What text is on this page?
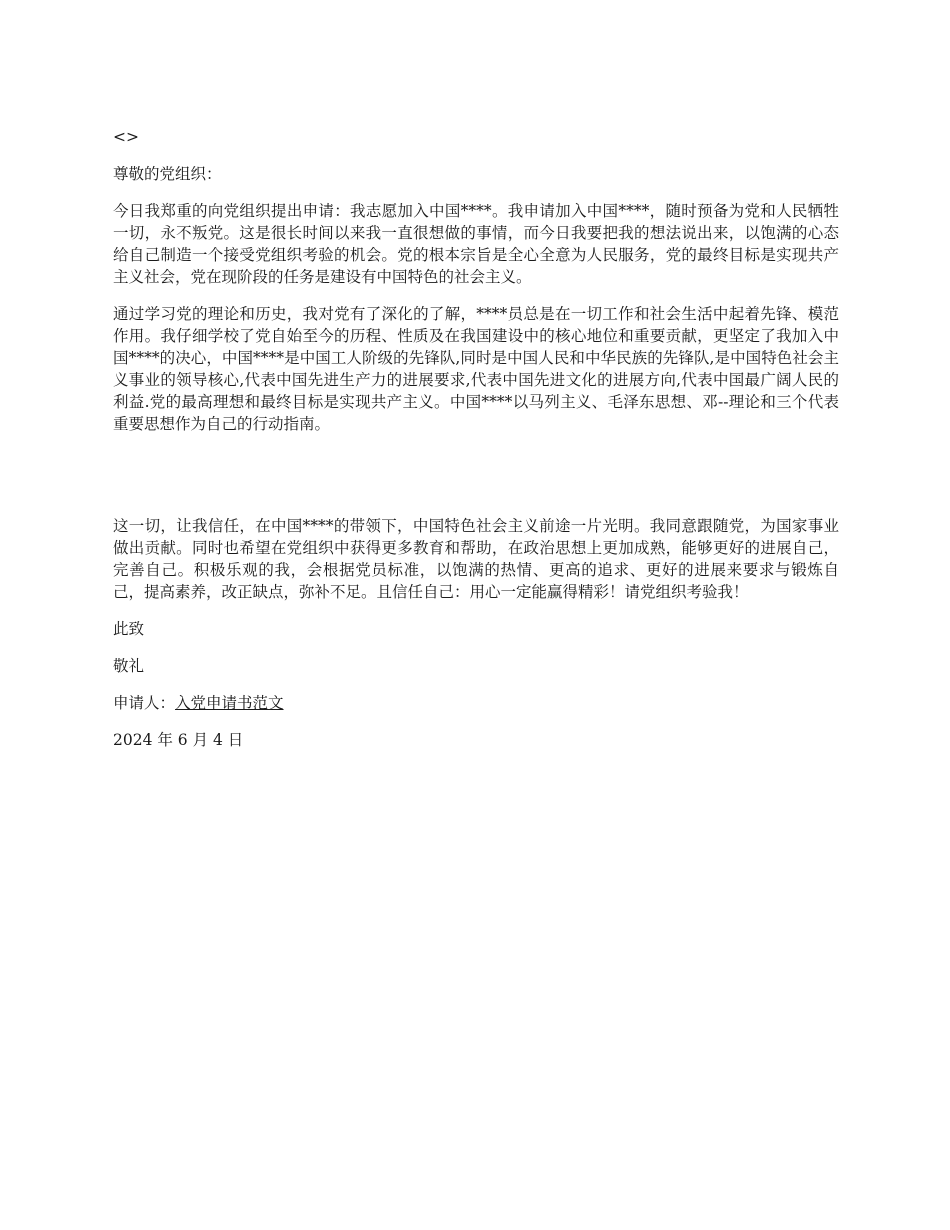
<>

尊敬的党组织：

今日我郑重的向党组织提出申请：我志愿加入中国****。我申请加入中国****，随时预备为党和人民牺牲一切，永不叛党。这是很长时间以来我一直很想做的事情，而今日我要把我的想法说出来，以饱满的心态给自己制造一个接受党组织考验的机会。党的根本宗旨是全心全意为人民服务，党的最终目标是实现共产主义社会，党在现阶段的任务是建设有中国特色的社会主义。

通过学习党的理论和历史，我对党有了深化的了解，****员总是在一切工作和社会生活中起着先锋、模范作用。我仔细学校了党自始至今的历程、性质及在我国建设中的核心地位和重要贡献，更坚定了我加入中国****的决心，中国****是中国工人阶级的先锋队,同时是中国人民和中华民族的先锋队,是中国特色社会主义事业的领导核心,代表中国先进生产力的进展要求,代表中国先进文化的进展方向,代表中国最广阔人民的利益.党的最高理想和最终目标是实现共产主义。中国****以马列主义、毛泽东思想、邓--理论和三个代表重要思想作为自己的行动指南。

这一切，让我信任，在中国****的带领下，中国特色社会主义前途一片光明。我同意跟随党，为国家事业做出贡献。同时也希望在党组织中获得更多教育和帮助，在政治思想上更加成熟，能够更好的进展自己，完善自己。积极乐观的我，会根据党员标准，以饱满的热情、更高的追求、更好的进展来要求与锻炼自己，提高素养，改正缺点，弥补不足。且信任自己：用心一定能赢得精彩！请党组织考验我！

此致

敬礼

申请人：入党申请书范文

2024 年 6 月 4 日
